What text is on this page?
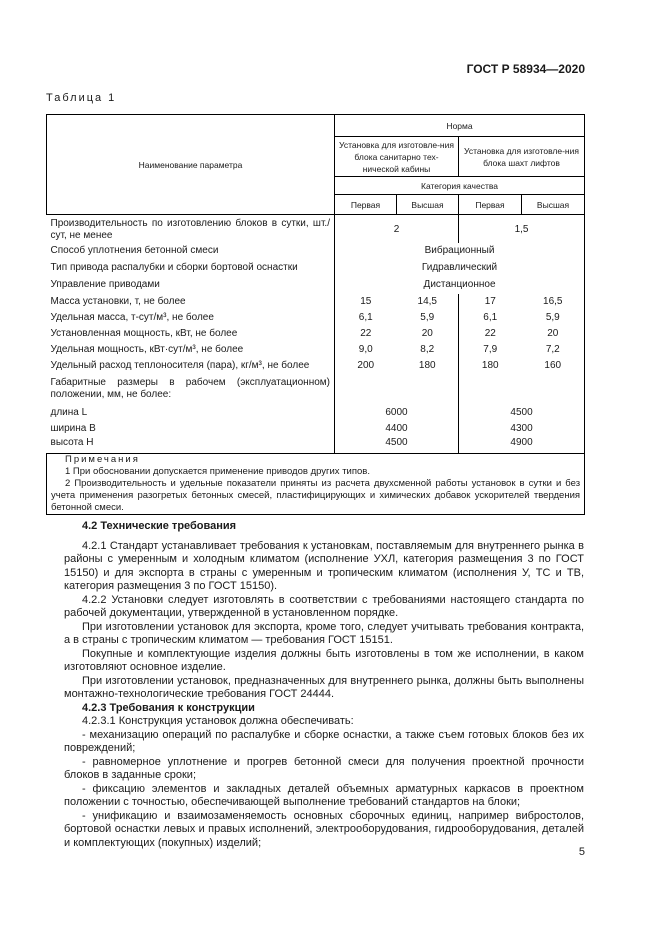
ГОСТ Р 58934—2020
Таблица 1
Наименование параметра	Норма			
	Установка для изготовле-ния блока санитарно тех-нической кабины		Установка для изготовле-ния блока шахт лифтов	
	Категория качества			
	Первая	Высшая	Первая	Высшая
Производительность по изготовлению блоков в сутки, шт./сут, не менее	2		1,5	
Способ уплотнения бетонной смеси	Вибрационный			
Тип привода распалубки и сборки бортовой оснастки	Гидравлический			
Управление приводами	Дистанционное			
Масса установки, т, не более	15	14,5	17	16,5
Удельная масса, т-сут/м³, не более	6,1	5,9	6,1	5,9
Установленная мощность, кВт, не более	22	20	22	20
Удельная мощность, кВт·сут/м³, не более	9,0	8,2	7,9	7,2
Удельный расход теплоносителя (пара), кг/м³, не более	200	180	180	160
Габаритные размеры в рабочем (эксплуатационном) положении, мм, не более:				
длина L	6000		4500	
ширина B	4400		4300	
высота H	4500		4900	

Примечания

1 При обосновании допускается применение приводов других типов.

2 Производительность и удельные показатели приняты из расчета двухсменной работы установок в сутки и без учета применения разогретых бетонных смесей, пластифицирующих и химических добавок ускорителей твердения бетонной смеси.				

4.2 Технические требования

4.2.1 Стандарт устанавливает требования к установкам, поставляемым для внутреннего рынка в районы с умеренным и холодным климатом (исполнение УХЛ, категория размещения 3 по ГОСТ 15150) и для экспорта в страны с умеренным и тропическим климатом (исполнения У, ТС и ТВ, категория размещения 3 по ГОСТ 15150).

4.2.2 Установки следует изготовлять в соответствии с требованиями настоящего стандарта по рабочей документации, утвержденной в установленном порядке.

При изготовлении установок для экспорта, кроме того, следует учитывать требования контракта, а в страны с тропическим климатом — требования ГОСТ 15151.

Покупные и комплектующие изделия должны быть изготовлены в том же исполнении, в каком изготовляют основное изделие.

При изготовлении установок, предназначенных для внутреннего рынка, должны быть выполнены монтажно-технологические требования ГОСТ 24444.

4.2.3 Требования к конструкции

4.2.3.1 Конструкция установок должна обеспечивать:

- механизацию операций по распалубке и сборке оснастки, а также съем готовых блоков без их повреждений;

- равномерное уплотнение и прогрев бетонной смеси для получения проектной прочности блоков в заданные сроки;

- фиксацию элементов и закладных деталей объемных арматурных каркасов в проектном положении с точностью, обеспечивающей выполнение требований стандартов на блоки;

- унификацию и взаимозаменяемость основных сборочных единиц, например вибростолов, бортовой оснастки левых и правых исполнений, электрооборудования, гидрооборудования, деталей и комплектующих (покупных) изделий;

5
